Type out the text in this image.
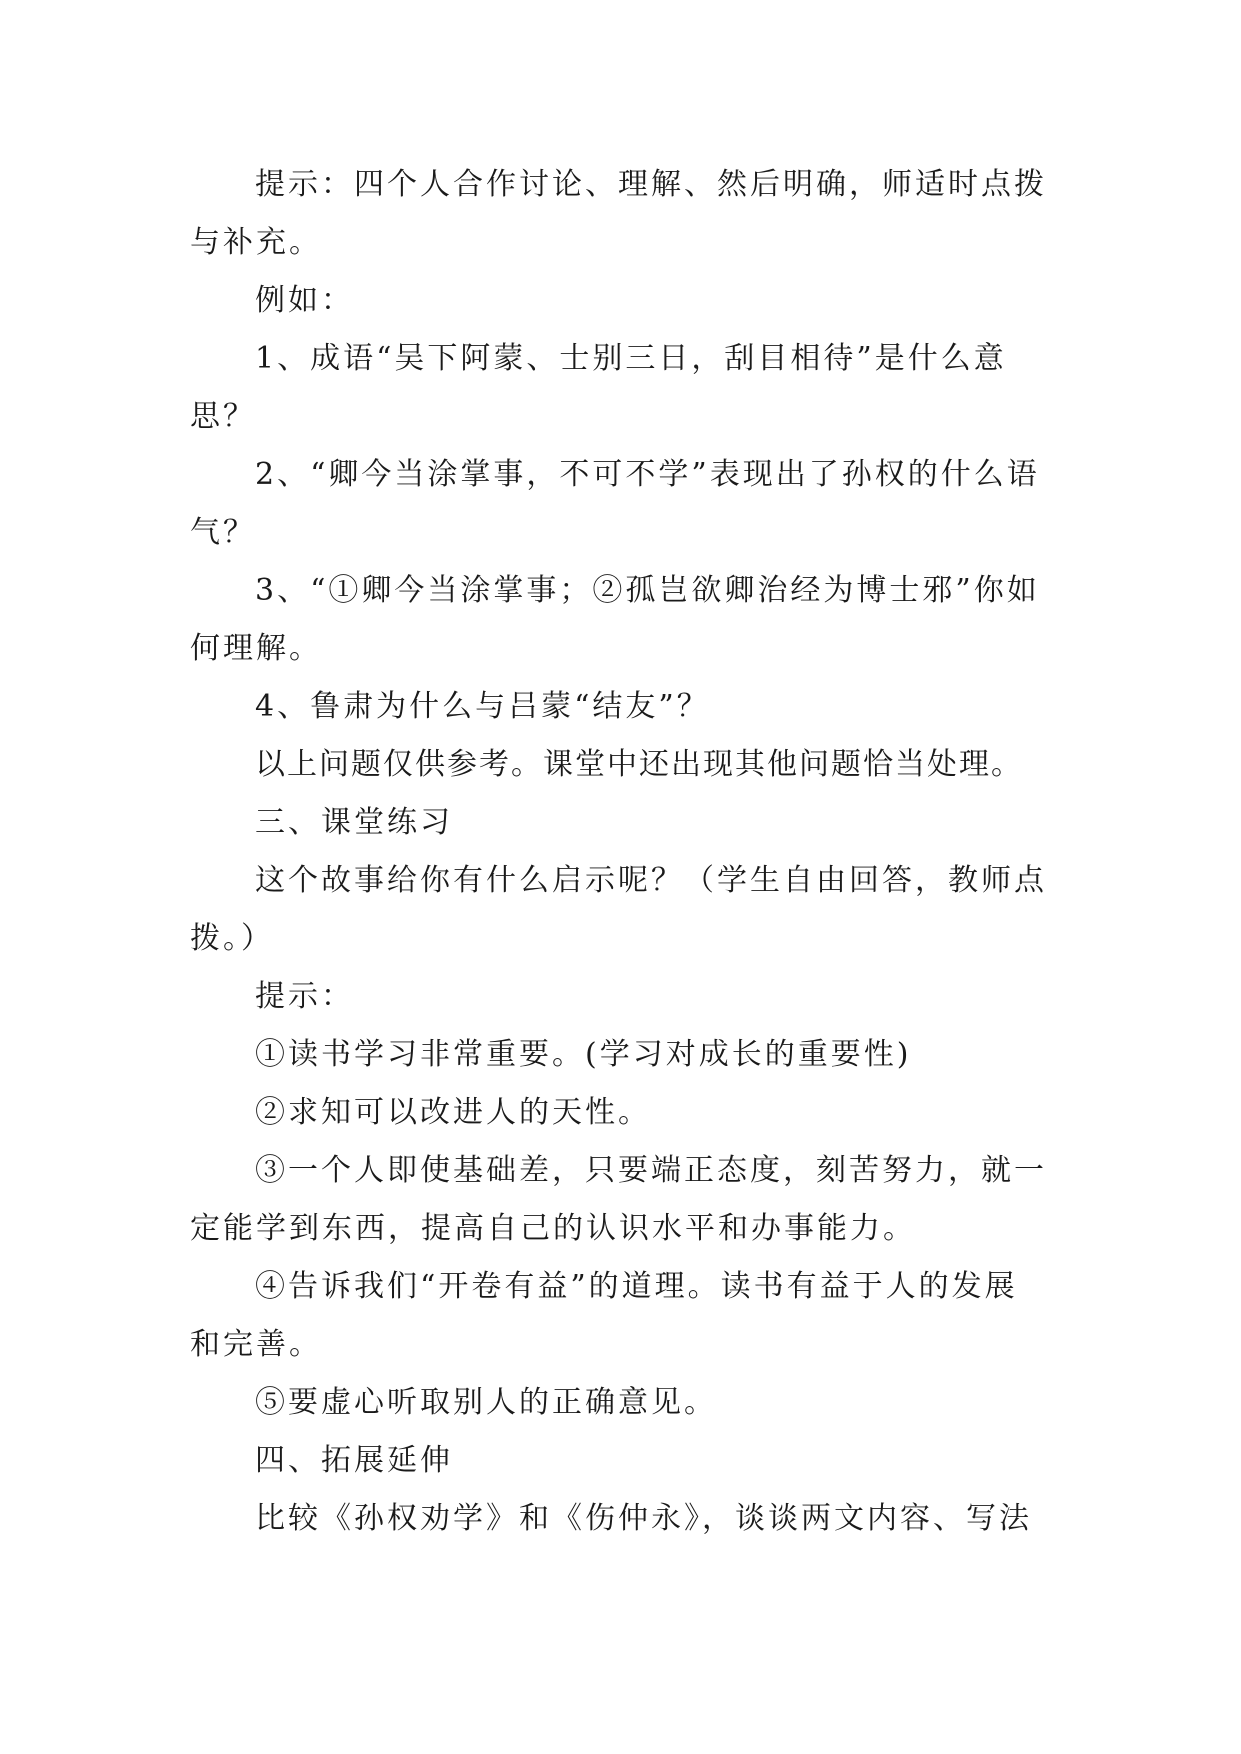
提示：四个人合作讨论、理解、然后明确，师适时点拨
与补充。
例如：
1、成语“吴下阿蒙、士别三日，刮目相待”是什么意
思？
2、“卿今当涂掌事，不可不学”表现出了孙权的什么语
气？
3、“①卿今当涂掌事；②孤岂欲卿治经为博士邪”你如
何理解。
4、鲁肃为什么与吕蒙“结友”？
以上问题仅供参考。课堂中还出现其他问题恰当处理。
三、课堂练习
这个故事给你有什么启示呢？（学生自由回答，教师点
拨。）
提示：
①读书学习非常重要。(学习对成长的重要性)
②求知可以改进人的天性。
③一个人即使基础差，只要端正态度，刻苦努力，就一
定能学到东西，提高自己的认识水平和办事能力。
④告诉我们“开卷有益”的道理。读书有益于人的发展
和完善。
⑤要虚心听取别人的正确意见。
四、拓展延伸
比较《孙权劝学》和《伤仲永》，谈谈两文内容、写法
